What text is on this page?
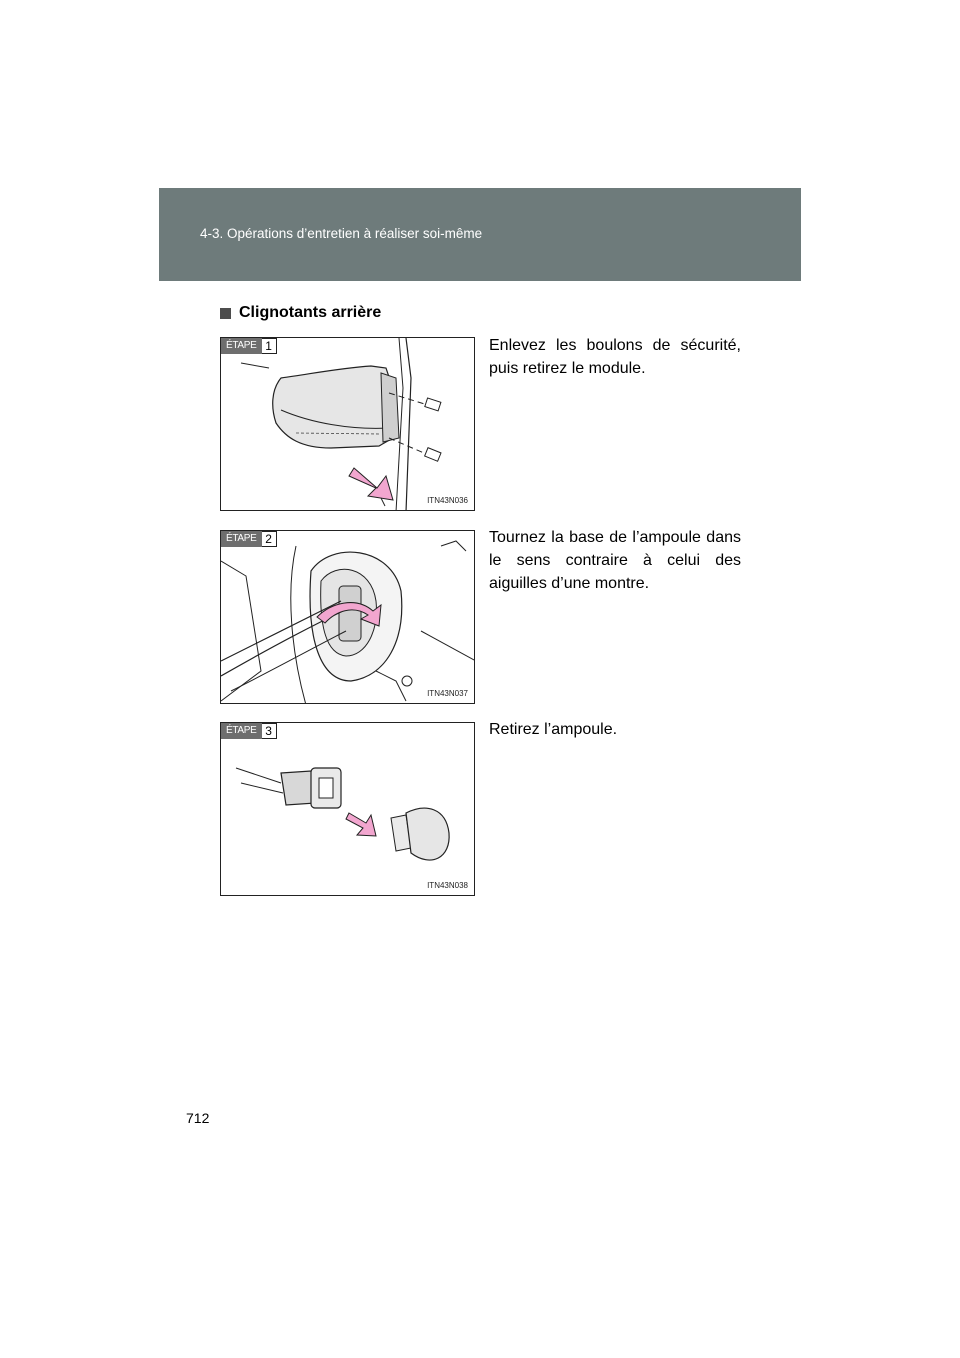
4-3. Opérations d’entretien à réaliser soi-même
Clignotants arrière
ÉTAPE 1
ITN43N036
Enlevez les boulons de sécurité, puis retirez le module.
ÉTAPE 2
ITN43N037
Tournez la base de l’ampoule dans le sens contraire à celui des aiguilles d’une montre.
ÉTAPE 3
ITN43N038
Retirez l’ampoule.
712
